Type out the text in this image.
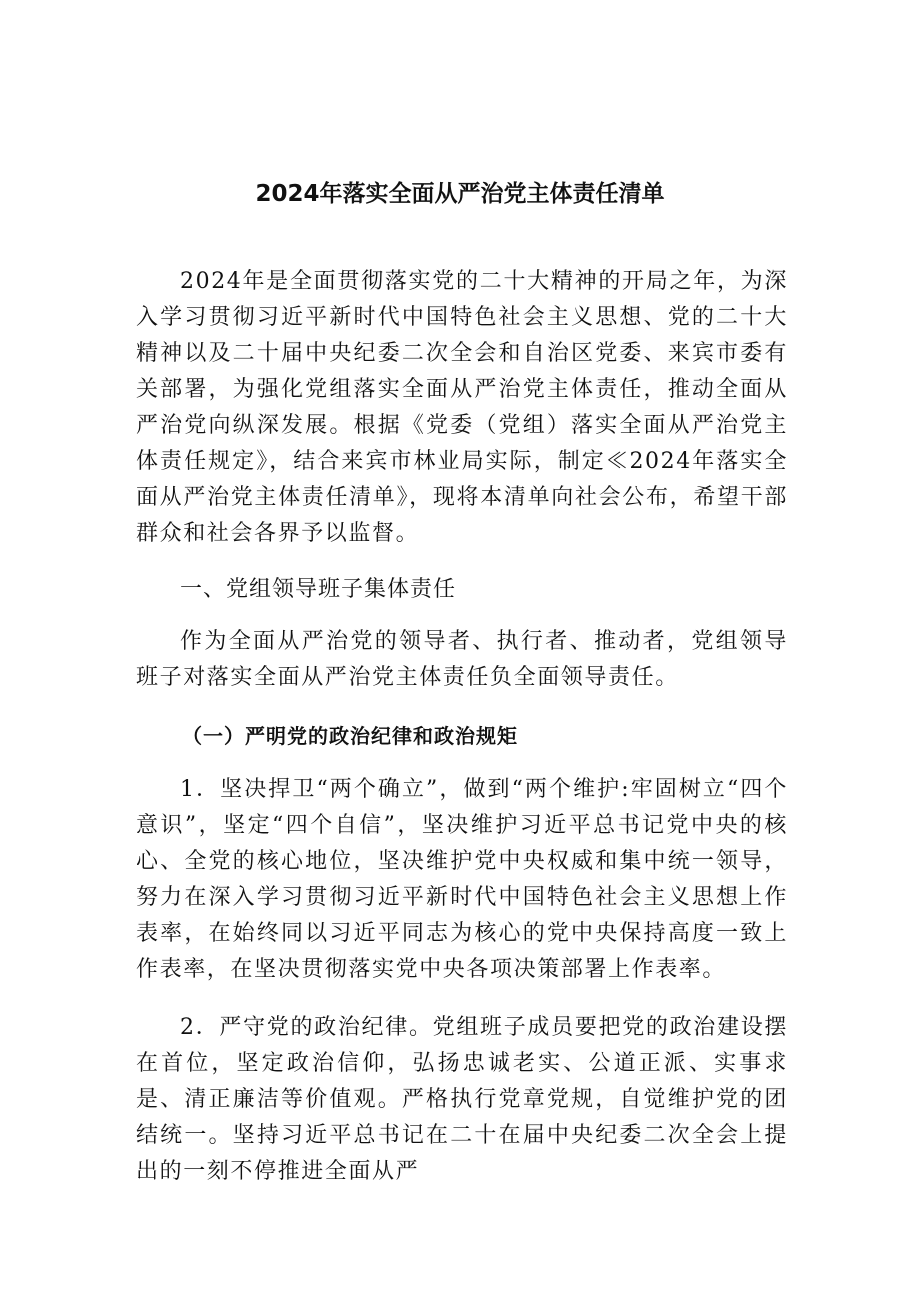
2024年落实全面从严治党主体责任清单

2024年是全面贯彻落实党的二十大精神的开局之年，为深入学习贯彻习近平新时代中国特色社会主义思想、党的二十大精神以及二十届中央纪委二次全会和自治区党委、来宾市委有关部署，为强化党组落实全面从严治党主体责任，推动全面从严治党向纵深发展。根据《党委（党组）落实全面从严治党主体责任规定》，结合来宾市林业局实际，制定≪2024年落实全面从严治党主体责任清单》，现将本清单向社会公布，希望干部群众和社会各界予以监督。

一、党组领导班子集体责任

作为全面从严治党的领导者、执行者、推动者，党组领导班子对落实全面从严治党主体责任负全面领导责任。

（一）严明党的政治纪律和政治规矩

1．坚决捍卫“两个确立”，做到“两个维护:牢固树立“四个意识”，坚定“四个自信”，坚决维护习近平总书记党中央的核心、全党的核心地位，坚决维护党中央权威和集中统一领导，努力在深入学习贯彻习近平新时代中国特色社会主义思想上作表率，在始终同以习近平同志为核心的党中央保持高度一致上作表率，在坚决贯彻落实党中央各项决策部署上作表率。

2．严守党的政治纪律。党组班子成员要把党的政治建设摆在首位，坚定政治信仰，弘扬忠诚老实、公道正派、实事求是、清正廉洁等价值观。严格执行党章党规，自觉维护党的团结统一。坚持习近平总书记在二十在届中央纪委二次全会上提出的一刻不停推进全面从严
